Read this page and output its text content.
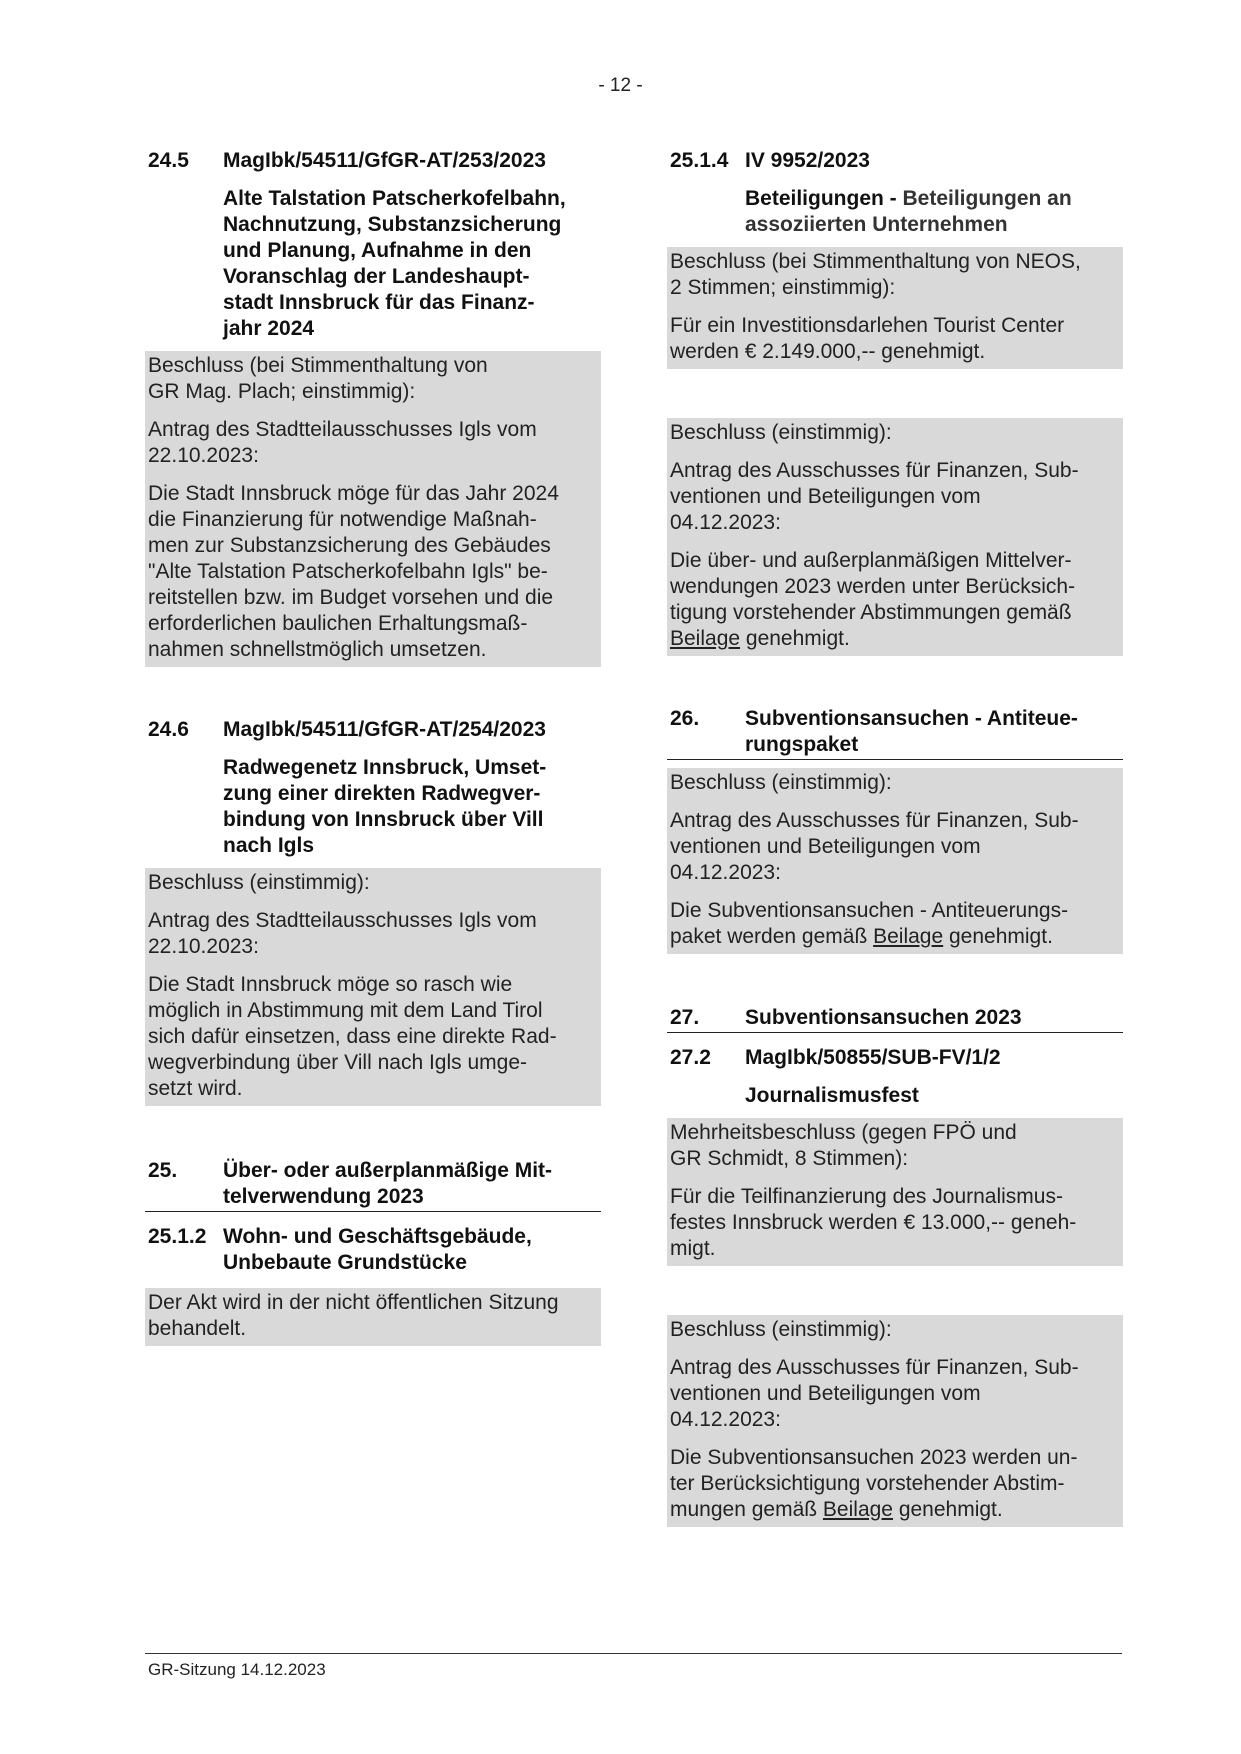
- 12 -
24.5	MagIbk/54511/GfGR-AT/253/2023
Alte Talstation Patscherkofelbahn,
Nachnutzung, Substanzsicherung
und Planung, Aufnahme in den
Voranschlag der Landeshaupt-
stadt Innsbruck für das Finanz-
jahr 2024

Beschluss (bei Stimmenthaltung von
GR Mag. Plach; einstimmig):

Antrag des Stadtteilausschusses Igls vom
22.10.2023:

Die Stadt Innsbruck möge für das Jahr 2024
die Finanzierung für notwendige Maßnah-
men zur Substanzsicherung des Gebäudes
"Alte Talstation Patscherkofelbahn Igls" be-
reitstellen bzw. im Budget vorsehen und die
erforderlichen baulichen Erhaltungsmaß-
nahmen schnellstmöglich umsetzen.

24.6	MagIbk/54511/GfGR-AT/254/2023
Radwegenetz Innsbruck, Umset-
zung einer direkten Radwegver-
bindung von Innsbruck über Vill
nach Igls

Beschluss (einstimmig):

Antrag des Stadtteilausschusses Igls vom
22.10.2023:

Die Stadt Innsbruck möge so rasch wie
möglich in Abstimmung mit dem Land Tirol
sich dafür einsetzen, dass eine direkte Rad-
wegverbindung über Vill nach Igls umge-
setzt wird.

25.	Über- oder außerplanmäßige Mit-
telverwendung 2023
25.1.2 Wohn- und Geschäftsgebäude,
Unbebaute Grundstücke

Der Akt wird in der nicht öffentlichen Sitzung
behandelt.

25.1.4 IV 9952/2023
Beteiligungen - Beteiligungen an
assoziierten Unternehmen

Beschluss (bei Stimmenthaltung von NEOS,
2 Stimmen; einstimmig):

Für ein Investitionsdarlehen Tourist Center
werden € 2.149.000,-- genehmigt.

Beschluss (einstimmig):

Antrag des Ausschusses für Finanzen, Sub-
ventionen und Beteiligungen vom
04.12.2023:

Die über- und außerplanmäßigen Mittelver-
wendungen 2023 werden unter Berücksich-
tigung vorstehender Abstimmungen gemäß
Beilage genehmigt.

26.	Subventionsansuchen - Antiteue-
rungspaket

Beschluss (einstimmig):

Antrag des Ausschusses für Finanzen, Sub-
ventionen und Beteiligungen vom
04.12.2023:

Die Subventionsansuchen - Antiteuerungs-
paket werden gemäß Beilage genehmigt.

27.	Subventionsansuchen 2023
27.2	MagIbk/50855/SUB-FV/1/2
Journalismusfest

Mehrheitsbeschluss (gegen FPÖ und
GR Schmidt, 8 Stimmen):

Für die Teilfinanzierung des Journalismus-
festes Innsbruck werden € 13.000,-- geneh-
migt.

Beschluss (einstimmig):

Antrag des Ausschusses für Finanzen, Sub-
ventionen und Beteiligungen vom
04.12.2023:

Die Subventionsansuchen 2023 werden un-
ter Berücksichtigung vorstehender Abstim-
mungen gemäß Beilage genehmigt.

GR-Sitzung 14.12.2023
